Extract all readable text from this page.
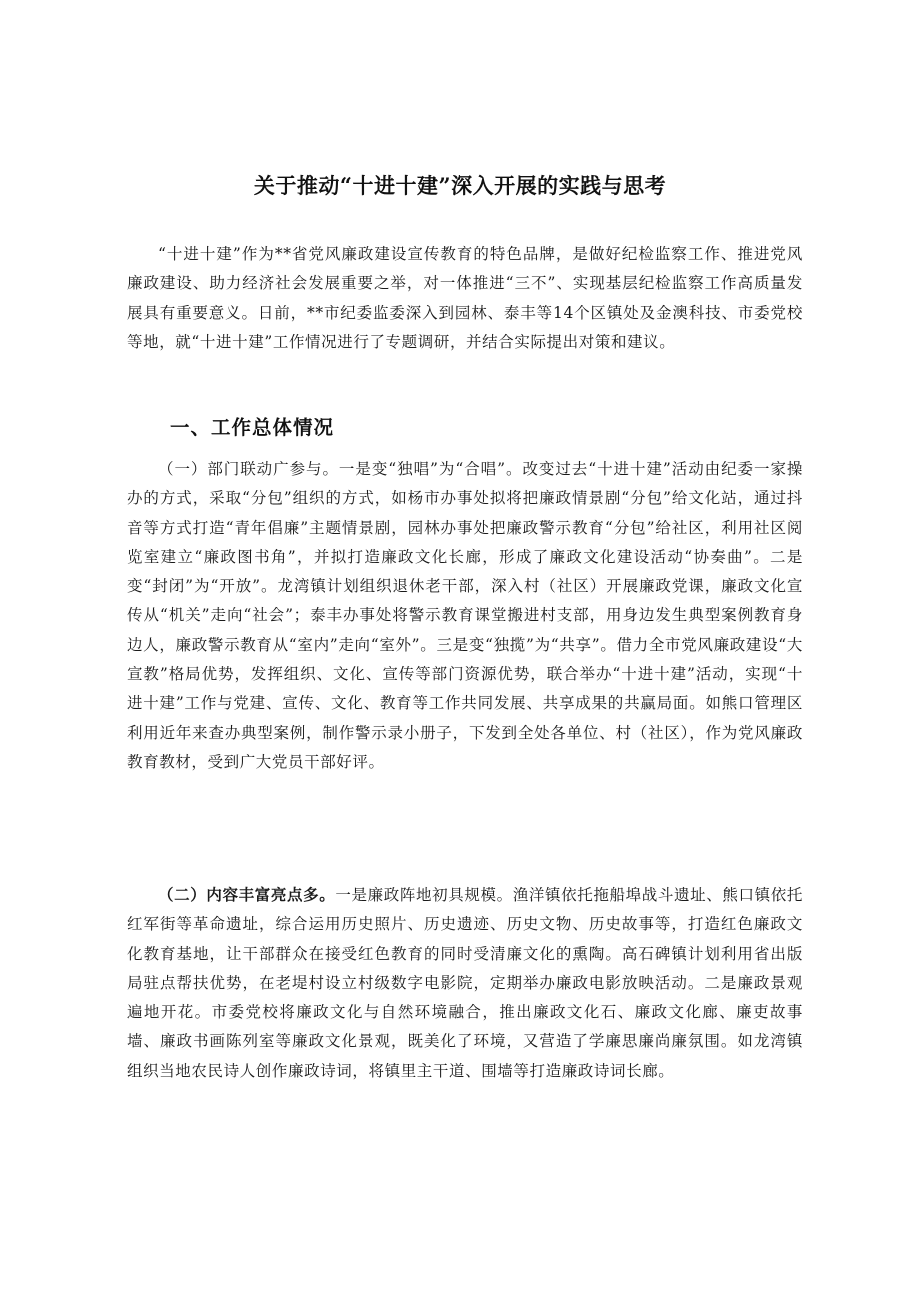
关于推动“十进十建”深入开展的实践与思考

“十进十建”作为**省党风廉政建设宣传教育的特色品牌，是做好纪检监察工作、推进党风廉政建设、助力经济社会发展重要之举，对一体推进“三不”、实现基层纪检监察工作高质量发展具有重要意义。日前，**市纪委监委深入到园林、泰丰等14个区镇处及金澳科技、市委党校等地，就“十进十建”工作情况进行了专题调研，并结合实际提出对策和建议。

一、工作总体情况

（一）部门联动广参与。一是变“独唱”为“合唱”。改变过去“十进十建”活动由纪委一家操办的方式，采取“分包”组织的方式，如杨市办事处拟将把廉政情景剧“分包”给文化站，通过抖音等方式打造“青年倡廉”主题情景剧，园林办事处把廉政警示教育“分包”给社区，利用社区阅览室建立“廉政图书角”，并拟打造廉政文化长廊，形成了廉政文化建设活动“协奏曲”。二是变“封闭”为“开放”。龙湾镇计划组织退休老干部，深入村（社区）开展廉政党课，廉政文化宣传从“机关”走向“社会”；泰丰办事处将警示教育课堂搬进村支部，用身边发生典型案例教育身边人，廉政警示教育从“室内”走向“室外”。三是变“独揽”为“共享”。借力全市党风廉政建设“大宣教”格局优势，发挥组织、文化、宣传等部门资源优势，联合举办“十进十建”活动，实现“十进十建”工作与党建、宣传、文化、教育等工作共同发展、共享成果的共赢局面。如熊口管理区利用近年来查办典型案例，制作警示录小册子，下发到全处各单位、村（社区），作为党风廉政教育教材，受到广大党员干部好评。

（二）内容丰富亮点多。一是廉政阵地初具规模。渔洋镇依托拖船埠战斗遗址、熊口镇依托红军街等革命遗址，综合运用历史照片、历史遗迹、历史文物、历史故事等，打造红色廉政文化教育基地，让干部群众在接受红色教育的同时受清廉文化的熏陶。高石碑镇计划利用省出版局驻点帮扶优势，在老堤村设立村级数字电影院，定期举办廉政电影放映活动。二是廉政景观遍地开花。市委党校将廉政文化与自然环境融合，推出廉政文化石、廉政文化廊、廉吏故事墙、廉政书画陈列室等廉政文化景观，既美化了环境，又营造了学廉思廉尚廉氛围。如龙湾镇组织当地农民诗人创作廉政诗词，将镇里主干道、围墙等打造廉政诗词长廊。
